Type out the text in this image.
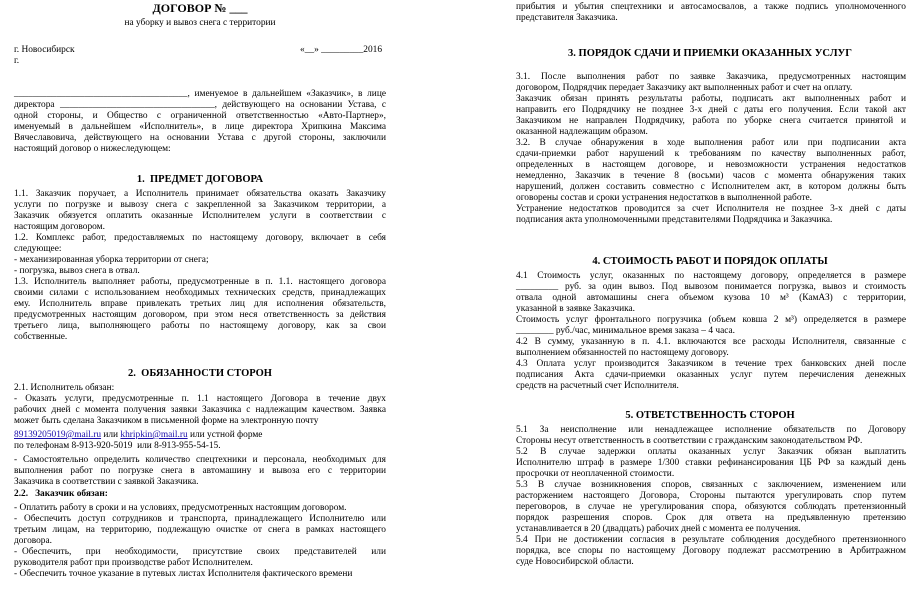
ДОГОВОР № ___
на уборку и вывоз снега с территории
г. Новосибирск	«__» _________2016
г.
_____________________________________, именуемое в дальнейшем «Заказчик», в лице
директора _________________________________, действующего на основании Устава, с
одной стороны, и Общество с ограниченной ответственностью «Авто-Партнер»,
именуемый в дальнейшем «Исполнитель», в лице директора Хрипкина Максима
Вячеславовича, действующего на основании Устава с другой стороны, заключили
настоящий договор о нижеследующем:
1.  ПРЕДМЕТ ДОГОВОРА
1.1. Заказчик поручает, а Исполнитель принимает обязательства оказать Заказчику
услуги по погрузке и вывозу снега с закрепленной за Заказчиком территории, а
Заказчик обязуется оплатить оказанные Исполнителем услуги в соответствии с
настоящим договором.
1.2. Комплекс работ, предоставляемых по настоящему договору, включает в себя
следующее:
- механизированная уборка территории от снега;
- погрузка, вывоз снега в отвал.
1.3. Исполнитель выполняет работы, предусмотренные в п. 1.1. настоящего договора
своими силами с использованием необходимых технических средств, принадлежащих
ему. Исполнитель вправе привлекать третьих лиц для исполнения обязательств,
предусмотренных настоящим договором, при этом неся ответственность за действия
третьего лица, выполняющего работы по настоящему договору, как за свои
собственные.
2.  ОБЯЗАННОСТИ СТОРОН
2.1. Исполнитель обязан:
- Оказать услуги, предусмотренные п. 1.1 настоящего Договора в течение двух
рабочих дней с момента получения заявки Заказчика с надлежащим качеством. Заявка
может быть сделана Заказчиком в письменной форме на электронную почту
8913920501​9@mail.ru или khripkin@mail.ru или устной форме
по телефонам 8-913-920-5019  или 8-913-955-54-15.
- Самостоятельно определить количество спецтехники и персонала, необходимых для
выполнения работ по погрузке снега в автомашину и вывоза его с территории
Заказчика в соответствии с заявкой Заказчика.
2.2.   Заказчик обязан:
- Оплатить работу в сроки и на условиях, предусмотренных настоящим договором.
- Обеспечить доступ сотрудников и транспорта, принадлежащего Исполнителю или
третьим лицам, на территорию, подлежащую очистке от снега в рамках настоящего
договора.
- Обеспечить,   при   необходимости,   присутствие   своих   представителей   или
руководителя работ при производстве работ Исполнителем.
- Обеспечить точное указание в путевых листах Исполнителя фактического времени
прибытия и убытия спецтехники и автосамосвалов, а также подпись уполномоченного
представителя Заказчика.
3. ПОРЯДОК СДАЧИ И ПРИЕМКИ ОКАЗАННЫХ УСЛУГ
3.1. После выполнения работ по заявке Заказчика, предусмотренных настоящим
договором, Подрядчик передает Заказчику акт выполненных работ и счет на оплату.
Заказчик обязан принять результаты работы, подписать акт выполненных работ и
направить его Подрядчику не позднее 3-х дней с даты его получения. Если такой акт
Заказчиком не направлен Подрядчику, работа по уборке снега считается принятой и
оказанной надлежащим образом.
3.2. В случае обнаружения в ходе выполнения работ или при подписании акта
сдачи-приемки работ нарушений к требованиям по качеству выполненных работ,
определенных в настоящем договоре, и невозможности устранения недостатков
немедленно, Заказчик в течение 8 (восьми) часов с момента обнаружения таких
нарушений, должен составить совместно с Исполнителем акт, в котором должны быть
оговорены состав и сроки устранения недостатков в выполненной работе.
Устранение недостатков проводится за счет Исполнителя не позднее 3-х дней с даты
подписания акта уполномоченными представителями Подрядчика и Заказчика.
4. СТОИМОСТЬ РАБОТ И ПОРЯДОК ОПЛАТЫ
4.1 Стоимость услуг, оказанных по настоящему договору, определяется в размере
_________ руб. за один вывоз. Под вывозом понимается погрузка, вывоз и стоимость
отвала одной автомашины снега объемом кузова 10 м³ (КамАЗ) с территории,
указанной в заявке Заказчика.
Стоимость услуг фронтального погрузчика (объем ковша 2 м³) определяется в размере
________ руб./час, минимальное время заказа – 4 часа.
4.2 В сумму, указанную в п. 4.1. включаются все расходы Исполнителя, связанные с
выполнением обязанностей по настоящему договору.
4.3 Оплата услуг производится Заказчиком в течение трех банковских дней после
подписания Акта сдачи-приемки оказанных услуг путем перечисления денежных
средств на расчетный счет Исполнителя.
5. ОТВЕТСТВЕННОСТЬ СТОРОН
5.1 За неисполнение или ненадлежащее исполнение обязательств по Договору
Стороны несут ответственность в соответствии с гражданским законодательством РФ.
5.2 В случае задержки оплаты оказанных услуг Заказчик обязан выплатить
Исполнителю штраф в размере 1/300 ставки рефинансирования ЦБ РФ за каждый день
просрочки от неоплаченной стоимости.
5.3 В случае возникновения споров, связанных с заключением, изменением или
расторжением настоящего Договора, Стороны пытаются урегулировать спор путем
переговоров, в случае не урегулирования спора, обязуются соблюдать претензионный
порядок разрешения споров. Срок для ответа на предъявленную претензию
устанавливается в 20 (двадцать) рабочих дней с момента ее получения.
5.4 При не достижении согласия в результате соблюдения досудебного претензионного
порядка, все споры по настоящему Договору подлежат рассмотрению в Арбитражном
суде Новосибирской области.
